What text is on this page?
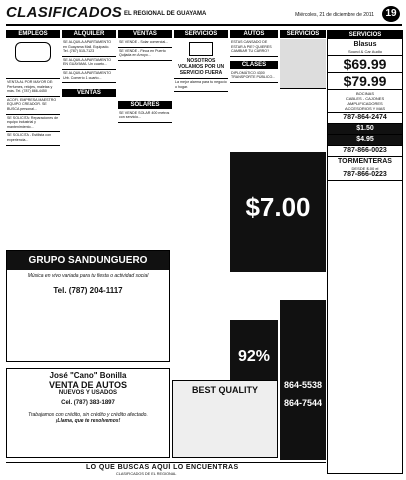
CLASIFICADOS EL REGIONAL DE GUAYAMA	Miércoles, 21 de diciembre de 2011	19
EMPLEOS
VENTA AL POR MAYOR DE: Perfumes, relojes, maletas y más. Tel. (787) 866-4450
ACOFI. EMPRESA MAESTRO EQUIPO CREADOR. SE BUSCA personal...
SE SOLICITA: Reparaciones de equipo industrial y mantenimiento...
SE SOLICITA - Estilista con experiencia...
ALQUILER
SE ALQUILA APARTAMENTO en Guayama Mall. Equipado. Tel. (787) 515-7123
SE ALQUILA APARTAMENTO EN GUAYAMA. Un cuarto...
SE ALQUILA APARTAMENTO Urb. Comerío 1 cuarto...
VENTAS
VENTAS
SE VENDE - Solar comercial...
SE VENDE - Finca en Puerto Quijada en Arroyo...
SOLARES
SE VENDE SOLAR 400 metros con servicio...
SERVICIOS
NOSOTROS VOLAMOS POR UN SERVICIO FUERA
La mejor alarma para tu negocio o hogar.
AUTOS
ESTAS CANSADO DE ESTAR A PIE? QUIERES CAMBIAR TU CARRO?
CLASES
DIPLOMÁTICO 4300 TRANSPORTE PÚBLICO...
SERVICIOS
$7.00
864-5538
864-7544
92%
GRUPO SANDUNGUERO
Música en vivo variada para tu fiesta o actividad social
Tel. (787) 204-1117
José "Cano" Bonilla
VENTA DE AUTOS
NUEVOS Y USADOS
Cel. (787) 383-1897
Trabajamos con crédito, sin crédito y crédito afectado.
¡Llama, que te resolvemos!
BEST QUALITY
SERVICIOS
Blasus
Sound & Car Audio
$69.99
$79.99
BOCINAS
CABLES - CAJONES
AMPLIFICADORES
ACCESORIOS Y MAS
787-864-2474
$1.50
$4.95
787-866-0023
TORMENTERAS
DESDE $.00 el
787-866-0223
LO QUE BUSCAS AQUÍ LO ENCUENTRAS
CLASIFICADOS DE EL REGIONAL
